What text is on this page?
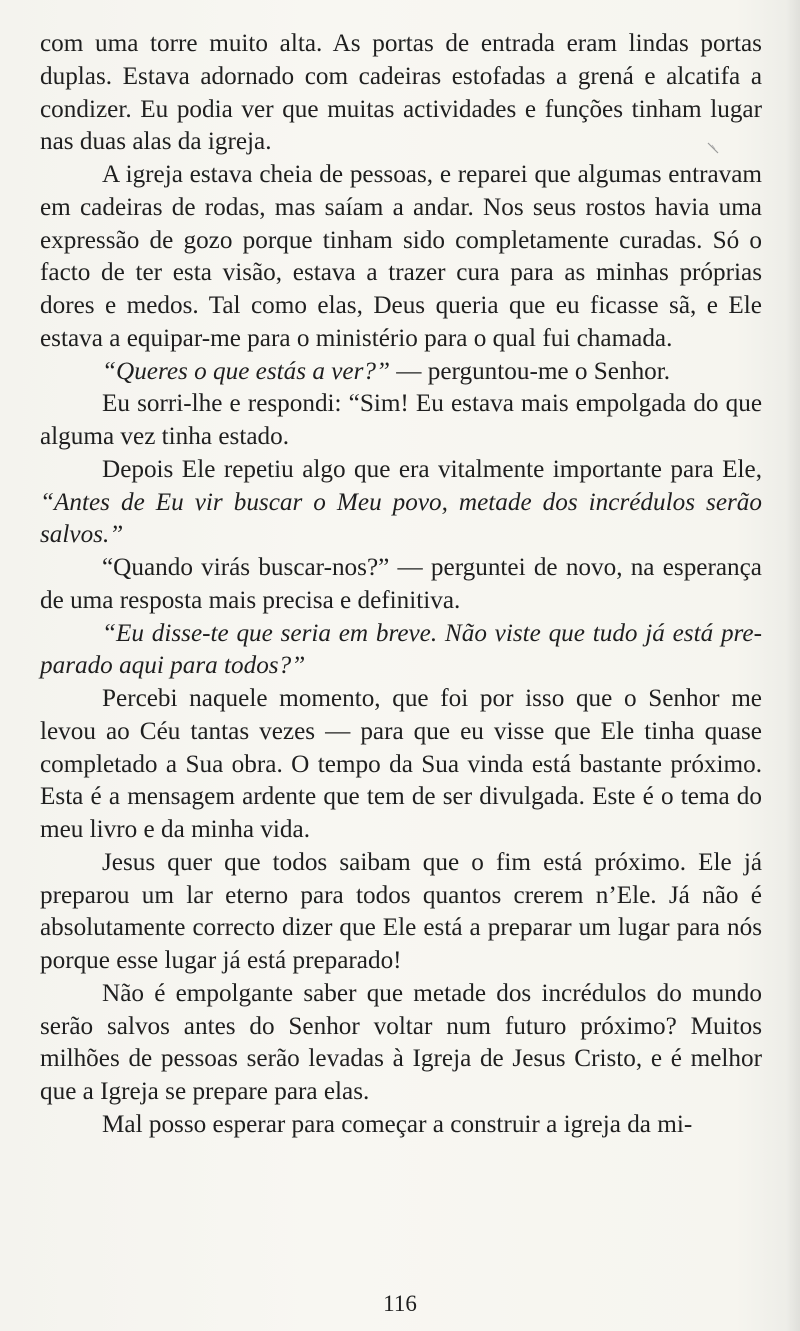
com uma torre muito alta. As portas de entrada eram lindas portas duplas. Estava adornado com cadeiras estofadas a grená e alcatifa a condizer. Eu podia ver que muitas actividades e funções tinham lugar nas duas alas da igreja.

A igreja estava cheia de pessoas, e reparei que algumas entravam em cadeiras de rodas, mas saíam a andar. Nos seus rostos havia uma expressão de gozo porque tinham sido completamente curadas. Só o facto de ter esta visão, estava a trazer cura para as minhas próprias dores e medos. Tal como elas, Deus queria que eu ficasse sã, e Ele estava a equipar-me para o ministério para o qual fui chamada.

“Queres o que estás a ver?” — perguntou-me o Senhor.

Eu sorri-lhe e respondi: “Sim! Eu estava mais empolgada do que alguma vez tinha estado.

Depois Ele repetiu algo que era vitalmente importante para Ele, “Antes de Eu vir buscar o Meu povo, metade dos incrédulos serão salvos.”

“Quando virás buscar-nos?” — perguntei de novo, na esperança de uma resposta mais precisa e definitiva.

“Eu disse-te que seria em breve. Não viste que tudo já está preparado aqui para todos?”

Percebi naquele momento, que foi por isso que o Senhor me levou ao Céu tantas vezes — para que eu visse que Ele tinha quase completado a Sua obra. O tempo da Sua vinda está bastante próximo. Esta é a mensagem ardente que tem de ser divulgada. Este é o tema do meu livro e da minha vida.

Jesus quer que todos saibam que o fim está próximo. Ele já preparou um lar eterno para todos quantos crerem n’Ele. Já não é absolutamente correcto dizer que Ele está a preparar um lugar para nós porque esse lugar já está preparado!

Não é empolgante saber que metade dos incrédulos do mundo serão salvos antes do Senhor voltar num futuro próximo? Muitos milhões de pessoas serão levadas à Igreja de Jesus Cristo, e é melhor que a Igreja se prepare para elas.

Mal posso esperar para começar a construir a igreja da mi-

116
